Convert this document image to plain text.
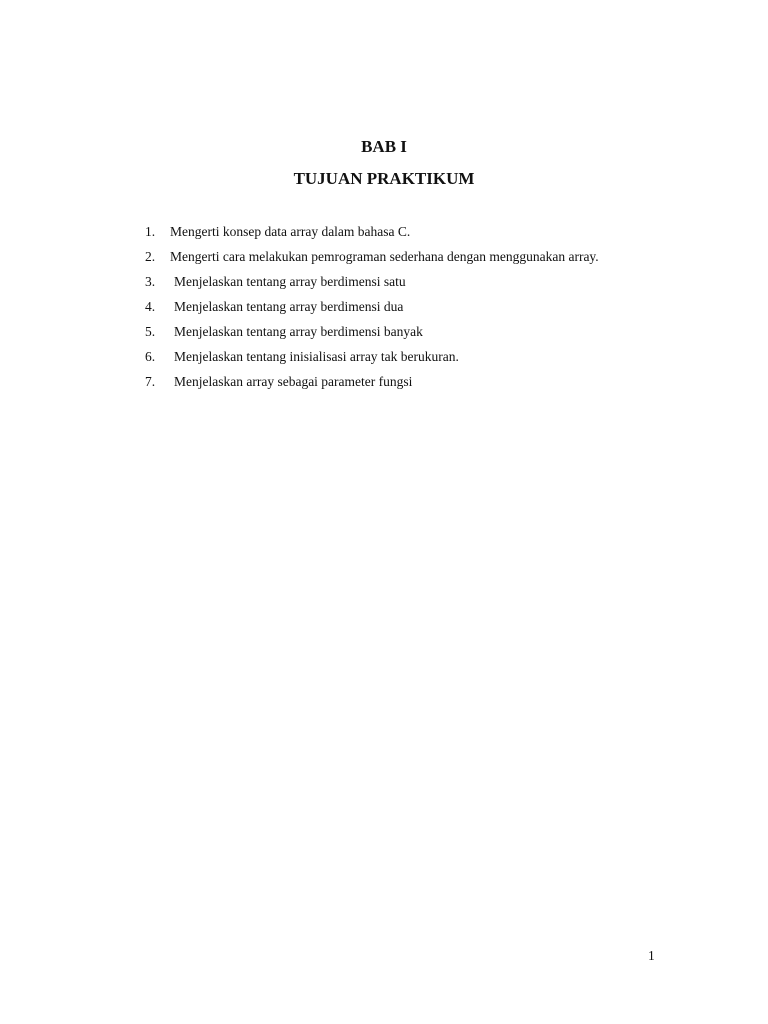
BAB I
TUJUAN PRAKTIKUM
1. Mengerti konsep data array dalam bahasa C.
2. Mengerti cara melakukan pemrograman sederhana dengan menggunakan array.
3. Menjelaskan tentang array berdimensi satu
4. Menjelaskan tentang array berdimensi dua
5. Menjelaskan tentang array berdimensi banyak
6. Menjelaskan tentang inisialisasi array tak berukuran.
7. Menjelaskan array sebagai parameter fungsi
1
